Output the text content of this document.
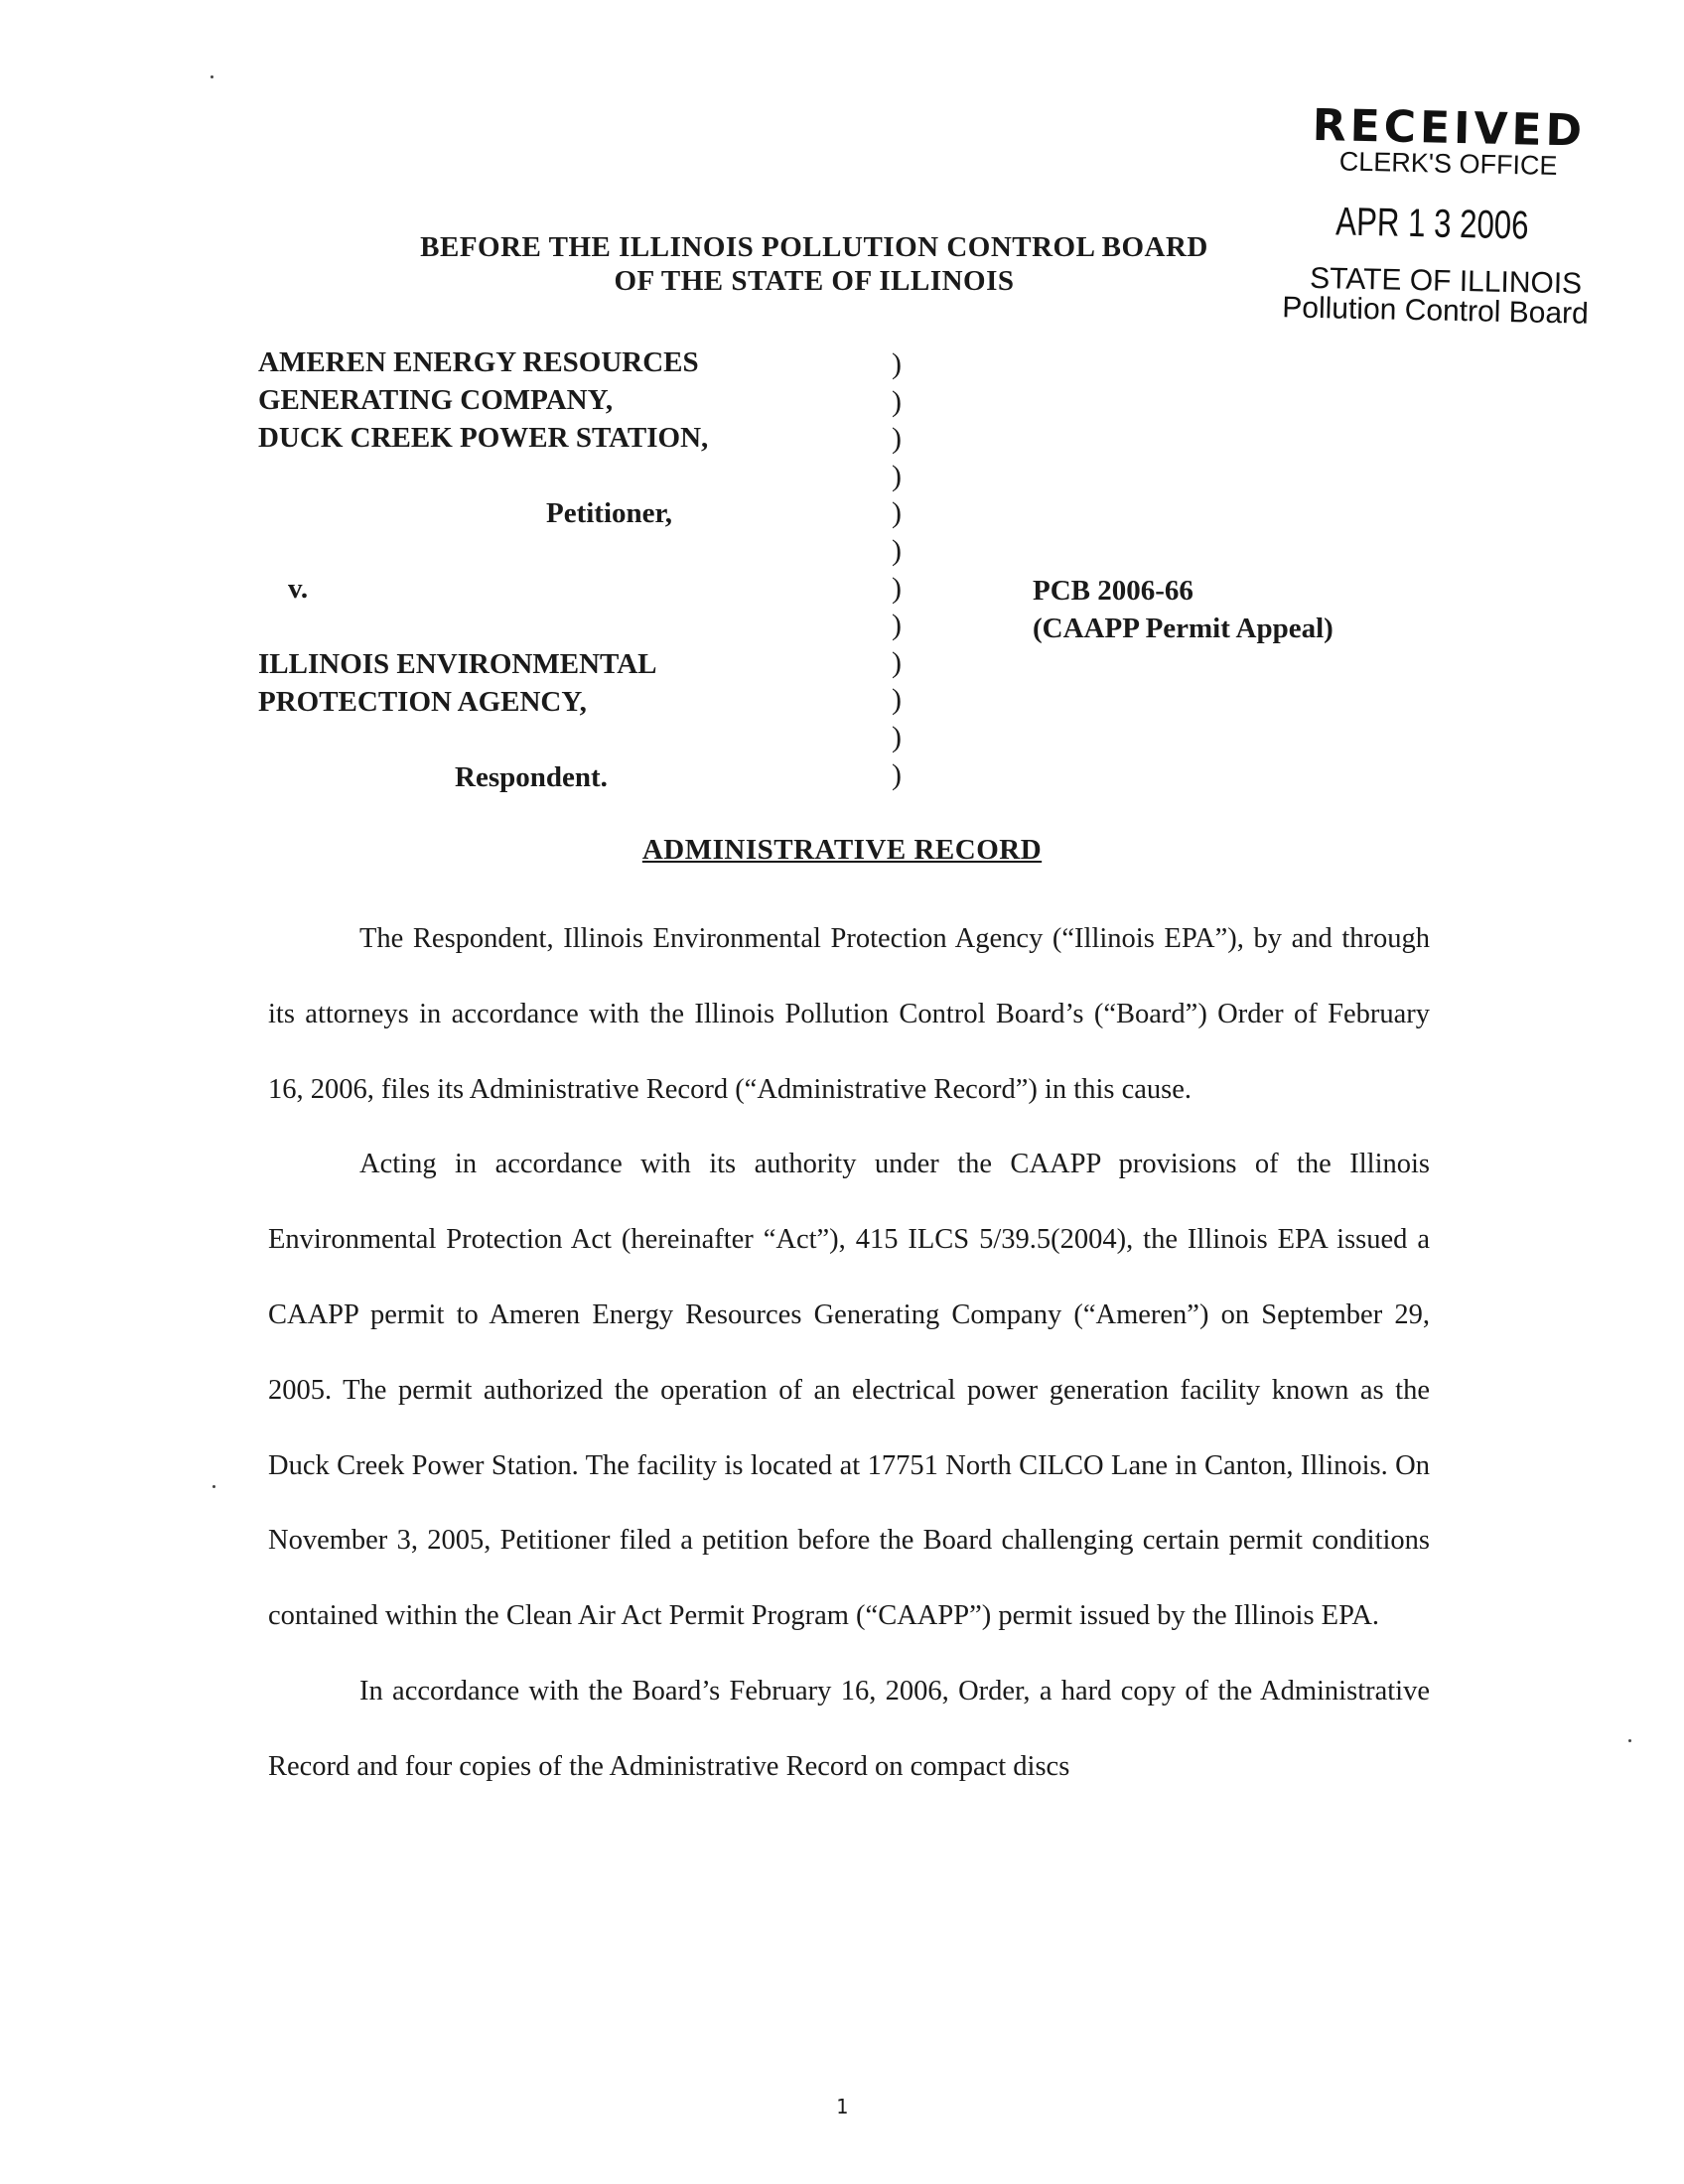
RECEIVED
CLERK'S OFFICE
APR 1 3 2006
STATE OF ILLINOIS
Pollution Control Board
BEFORE THE ILLINOIS POLLUTION CONTROL BOARD
OF THE STATE OF ILLINOIS
AMEREN ENERGY RESOURCES
GENERATING COMPANY,
DUCK CREEK POWER STATION,
Petitioner,
v.
ILLINOIS ENVIRONMENTAL
PROTECTION AGENCY,
Respondent.
)
)
)
)
)
)
)
)
)
)
)
)
PCB 2006-66
(CAAPP Permit Appeal)
ADMINISTRATIVE RECORD

The Respondent, Illinois Environmental Protection Agency (“Illinois EPA”), by and through its attorneys in accordance with the Illinois Pollution Control Board’s (“Board”) Order of February 16, 2006, files its Administrative Record (“Administrative Record”) in this cause.

Acting in accordance with its authority under the CAAPP provisions of the Illinois Environmental Protection Act (hereinafter “Act”), 415 ILCS 5/39.5(2004), the Illinois EPA issued a CAAPP permit to Ameren Energy Resources Generating Company (“Ameren”) on September 29, 2005. The permit authorized the operation of an electrical power generation facility known as the Duck Creek Power Station. The facility is located at 17751 North CILCO Lane in Canton, Illinois. On November 3, 2005, Petitioner filed a petition before the Board challenging certain permit conditions contained within the Clean Air Act Permit Program (“CAAPP”) permit issued by the Illinois EPA.

In accordance with the Board’s February 16, 2006, Order, a hard copy of the Administrative Record and four copies of the Administrative Record on compact discs

1
